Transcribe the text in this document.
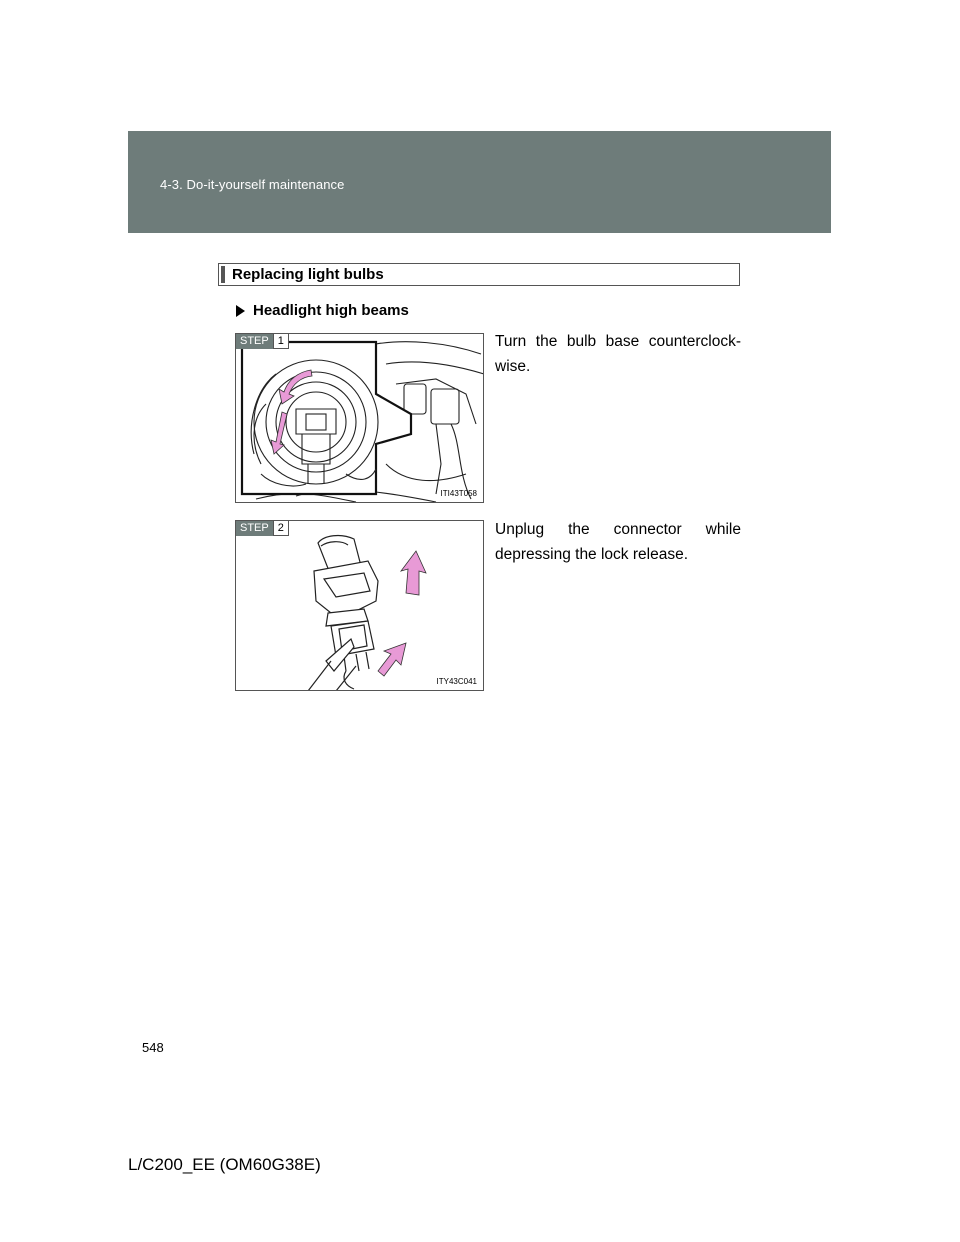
4-3. Do-it-yourself maintenance
Replacing light bulbs
Headlight high beams
STEP 1
ITI43T058
Turn the bulb base counterclock-wise.
STEP 2
ITY43C041
Unplug the connector while depressing the lock release.
548
L/C200_EE (OM60G38E)
